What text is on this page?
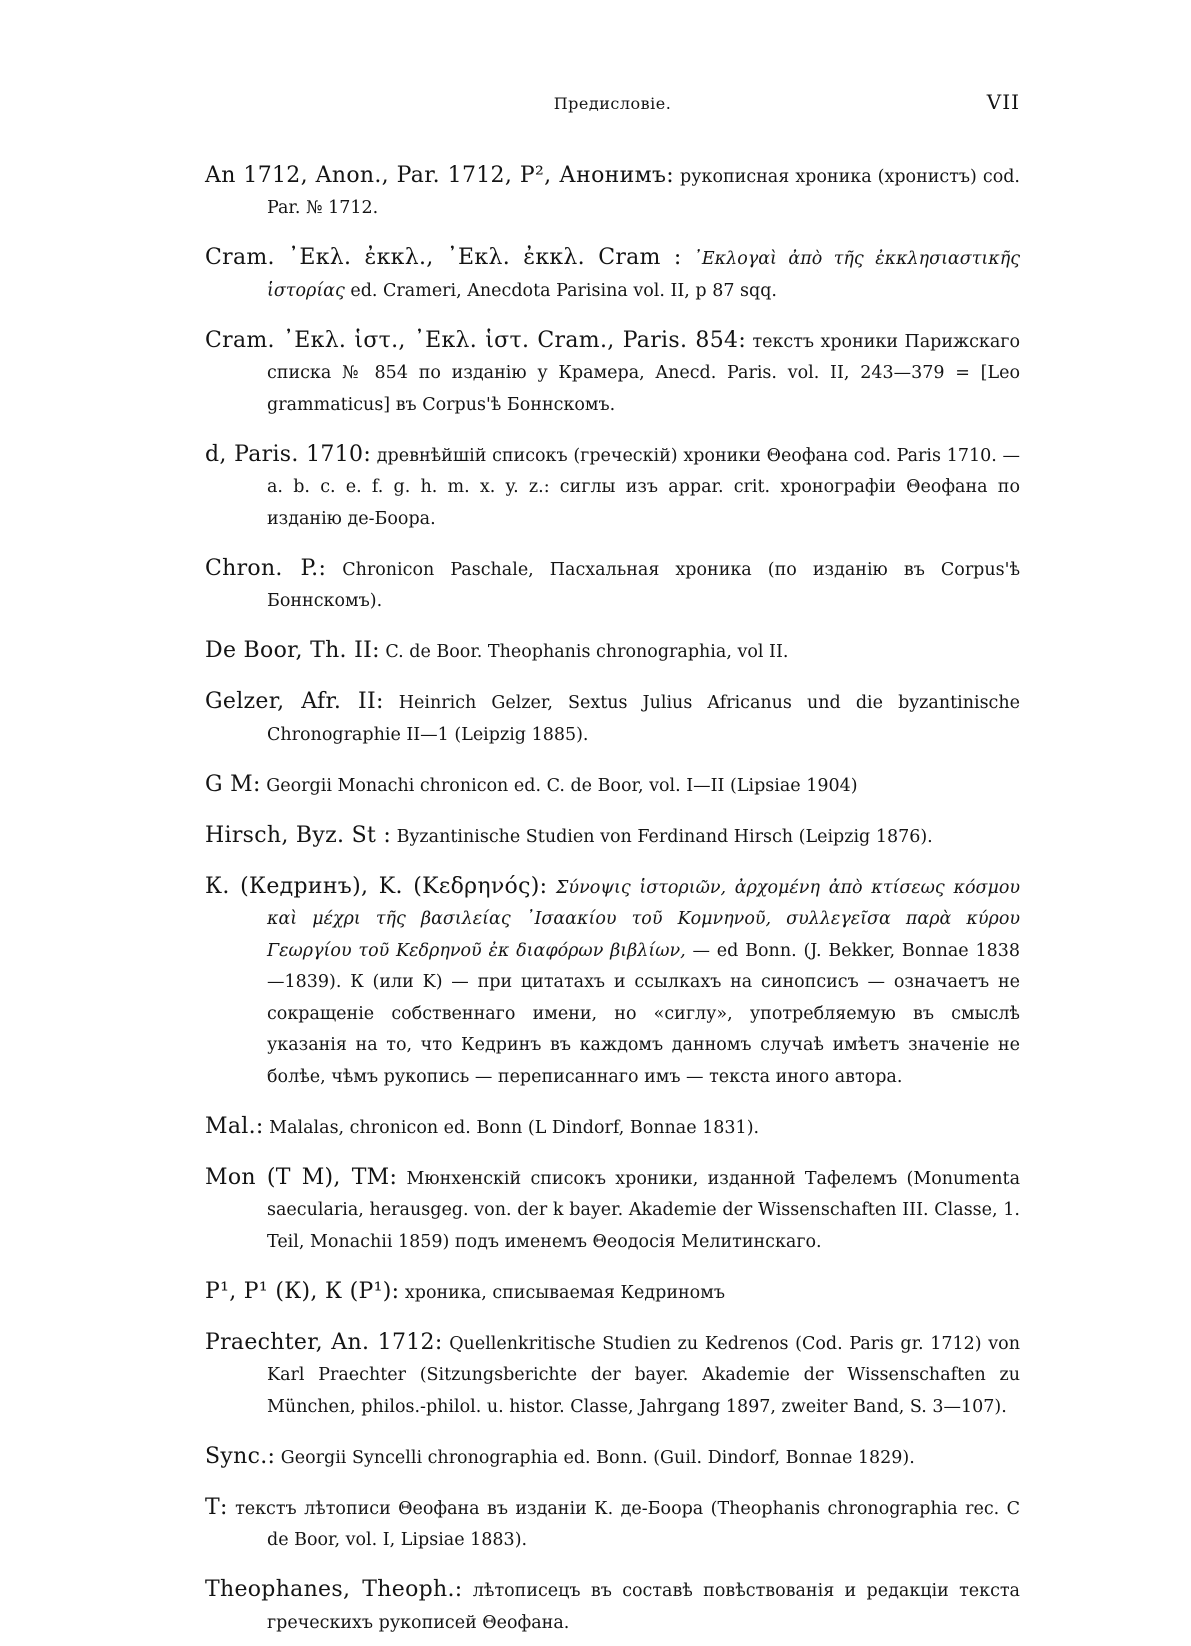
Предисловіе.	VII

An 1712, Anon., Par. 1712, P², Анонимъ: рукописная хроника (хронистъ) cod. Par. № 1712.

Cram. ᾿Εκλ. ἐκκλ., ᾿Εκλ. ἐκκλ. Cram : ᾿Εκλογαὶ ἀπὸ τῆς ἐκκλησιαστικῆς ἱστορίας ed. Crameri, Anecdota Parisina vol. II, p 87 sqq.

Cram. ᾿Εκλ. ἱστ., ᾿Εκλ. ἱστ. Cram., Paris. 854: текстъ хроники Парижскаго списка № 854 по изданію у Крамера, Anecd. Paris. vol. II, 243—379 = [Leo grammaticus] въ Corpus'ѣ Боннскомъ.

d, Paris. 1710: древнѣйшій списокъ (греческій) хроники Θеофана cod. Paris 1710. — a. b. c. e. f. g. h. m. x. y. z.: сиглы изъ appar. crit. хронографіи Θеофана по изданію де-Боора.

Chron. P.: Chronicon Paschale, Пасхальная хроника (по изданію въ Corpus'ѣ Боннскомъ).

De Boor, Th. II: C. de Boor. Theophanis chronographia, vol II.

Gelzer, Afr. II: Heinrich Gelzer, Sextus Julius Africanus und die byzantinische Chronographie II—1 (Leipzig 1885).

G M: Georgii Monachi chronicon ed. C. de Boor, vol. I—II (Lipsiae 1904)

Hirsch, Byz. St : Byzantinische Studien von Ferdinand Hirsch (Leipzig 1876).

К. (Кедринъ), K. (Κεδρηνός): Σύνοψις ἱστοριῶν, ἀρχομένη ἀπὸ κτίσεως κόσμου καὶ μέχρι τῆς βασιλείας ᾿Ισαακίου τοῦ Κομνηνοῦ, συλλεγεῖσα παρὰ κύρου Γεωργίου τοῦ Κεδρηνοῦ ἐκ διαφόρων βιβλίων, — ed Bonn. (J. Bekker, Bonnae 1838—1839). К (или K) — при цитатахъ и ссылкахъ на синопсисъ — означаетъ не сокращеніе собственнаго имени, но «сиглу», употребляемую въ смыслѣ указанія на то, что Кедринъ въ каждомъ данномъ случаѣ имѣетъ значеніе не болѣе, чѣмъ рукопись — переписаннаго имъ — текста иного автора.

Mal.: Malalas, chronicon ed. Bonn (L Dindorf, Bonnae 1831).

Mon (Т М), ТМ: Мюнхенскій списокъ хроники, изданной Тафелемъ (Monumenta saecularia, herausgeg. von. der k bayer. Akademie der Wissenschaften III. Classe, 1. Teil, Monachii 1859) подъ именемъ Θеодосія Мелитинскаго.

P¹, P¹ (К), К (P¹): хроника, списываемая Кедриномъ

Praechter, An. 1712: Quellenkritische Studien zu Kedrenos (Cod. Paris gr. 1712) von Karl Praechter (Sitzungsberichte der bayer. Akademie der Wissenschaften zu München, philos.-philol. u. histor. Classe, Jahrgang 1897, zweiter Band, S. 3—107).

Sync.: Georgii Syncelli chronographia ed. Bonn. (Guil. Dindorf, Bonnae 1829).

Т: текстъ лѣтописи Θеофана въ изданіи К. де-Боора (Theophanis chronographia rec. C de Boor, vol. I, Lipsiae 1883).

Theophanes, Theoph.: лѣтописецъ въ составѣ повѣствованія и редакціи текста греческихъ рукописей Θеофана.
